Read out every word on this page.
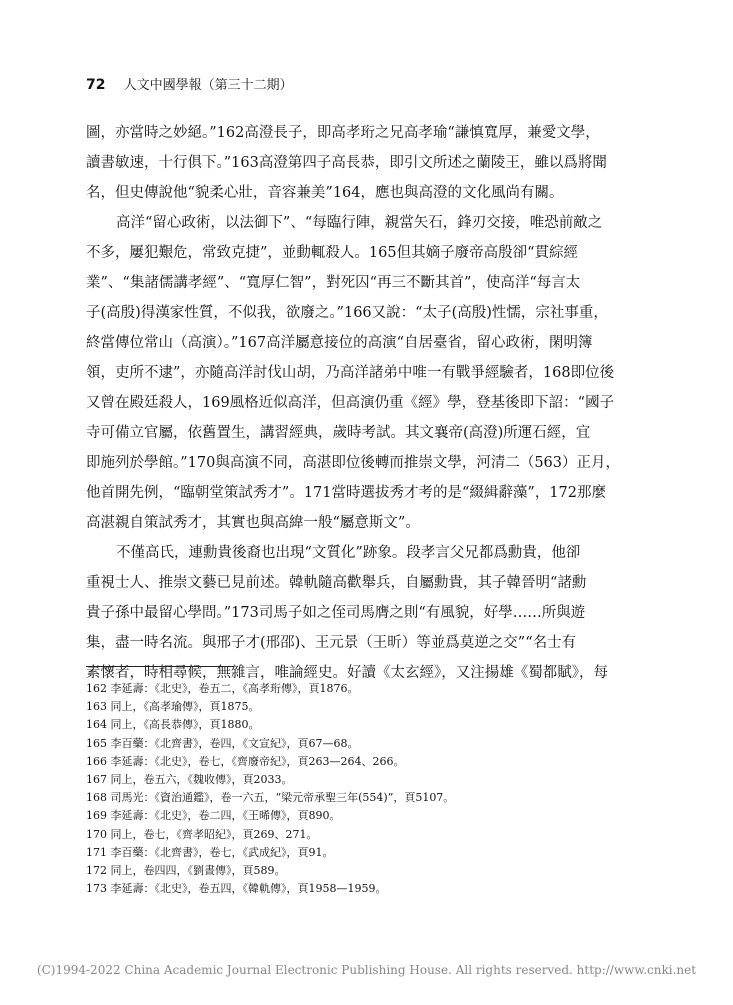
72 人文中國學報（第三十二期）
圖，亦當時之妙絕。”162高澄長子，即高孝珩之兄高孝瑜“謙慎寬厚，兼愛文學，
讀書敏速，十行俱下。”163高澄第四子高長恭，即引文所述之蘭陵王，雖以爲將聞
名，但史傳說他“貌柔心壯，音容兼美”164，應也與高澄的文化風尚有關。
高洋“留心政術，以法御下”、“每臨行陣，親當矢石，鋒刃交接，唯恐前敵之
不多，屢犯艱危，常致克捷”，並動輒殺人。165但其嫡子廢帝高殷卻“貫綜經
業”、“集諸儒講孝經”、“寬厚仁智”，對死囚“再三不斷其首”，使高洋“每言太
子(高殷)得漢家性質，不似我，欲廢之。”166又說：“太子(高殷)性懦，宗社事重，
終當傳位常山（高演）。”167高洋屬意接位的高演“自居臺省，留心政術，閑明簿
領，吏所不逮”，亦隨高洋討伐山胡，乃高洋諸弟中唯一有戰爭經驗者，168即位後
又曾在殿廷殺人，169風格近似高洋，但高演仍重《經》學，登基後即下詔：“國子
寺可備立官屬，依舊置生，講習經典，歲時考試。其文襄帝(高澄)所運石經，宜
即施列於學館。”170與高演不同，高湛即位後轉而推崇文學，河清二（563）正月，
他首開先例，“臨朝堂策試秀才”。171當時選拔秀才考的是“綴緝辭藻”，172那麼
高湛親自策試秀才，其實也與高緯一般“屬意斯文”。
不僅高氏，連勳貴後裔也出現“文質化”跡象。段孝言父兄都爲勳貴，他卻
重視士人、推崇文藝已見前述。韓軌隨高歡舉兵，自屬勳貴，其子韓晉明“諸勳
貴子孫中最留心學問。”173司馬子如之侄司馬膺之則“有風貌，好學……所與遊
集，盡一時名流。與邢子才(邢邵)、王元景（王昕）等並爲莫逆之交”“名士有
素懷者，時相尋候，無雜言，唯論經史。好讀《太玄經》，又注揚雄《蜀都賦》，每
162 李延壽：《北史》，卷五二，《高孝珩傳》，頁1876。
163 同上，《高孝瑜傳》，頁1875。
164 同上，《高長恭傳》，頁1880。
165 李百藥：《北齊書》，卷四，《文宣紀》，頁67—68。
166 李延壽：《北史》，卷七，《齊廢帝紀》，頁263—264、266。
167 同上，卷五六，《魏收傳》，頁2033。
168 司馬光：《資治通鑑》，卷一六五，“梁元帝承聖三年(554)”，頁5107。
169 李延壽：《北史》，卷二四，《王晞傳》，頁890。
170 同上，卷七，《齊孝昭紀》，頁269、271。
171 李百藥：《北齊書》，卷七，《武成紀》，頁91。
172 同上，卷四四，《劉晝傳》，頁589。
173 李延壽：《北史》，卷五四，《韓軌傳》，頁1958—1959。
(C)1994-2022 China Academic Journal Electronic Publishing House. All rights reserved. http://www.cnki.net
